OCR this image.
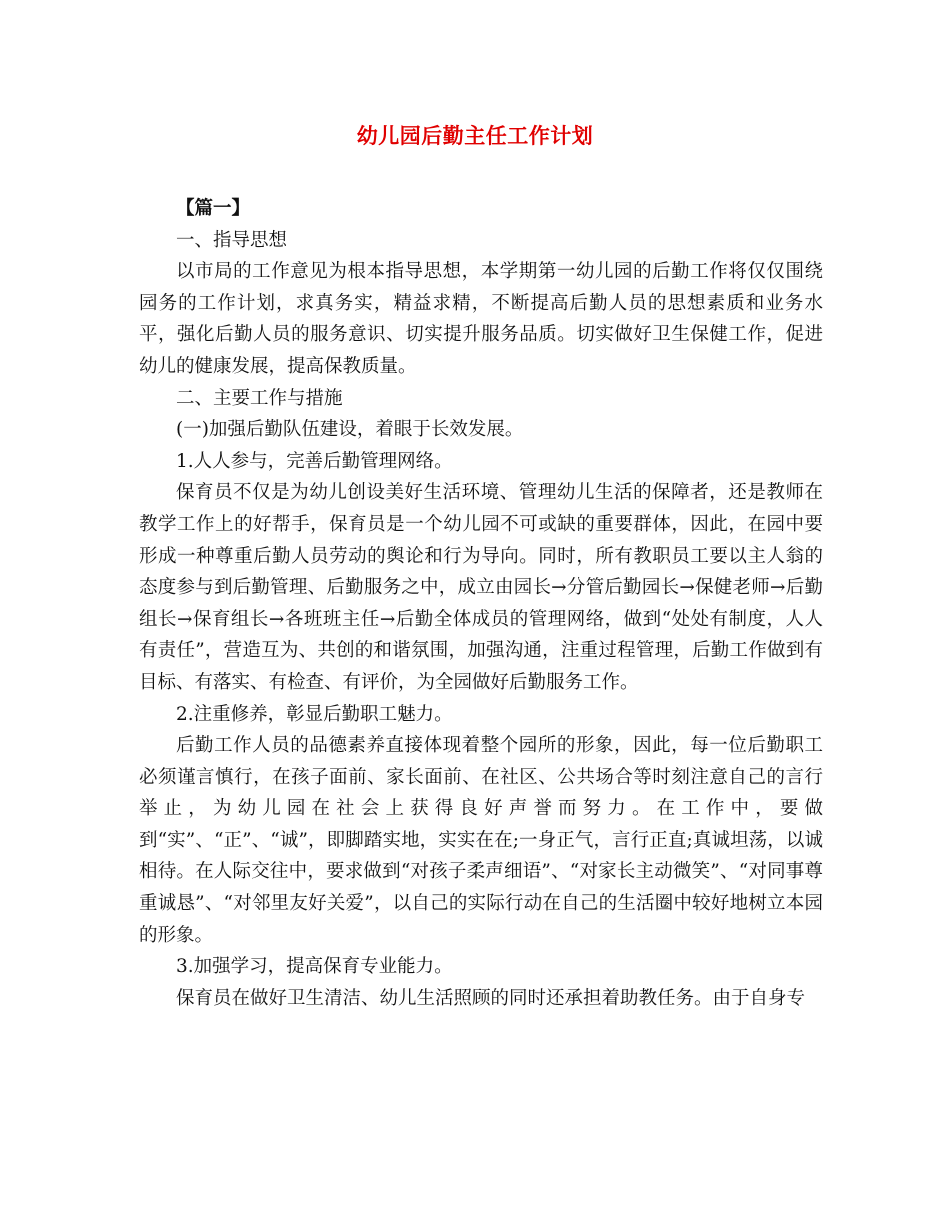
幼儿园后勤主任工作计划

【篇一】

一、指导思想

以市局的工作意见为根本指导思想，本学期第一幼儿园的后勤工作将仅仅围绕园务的工作计划，求真务实，精益求精，不断提高后勤人员的思想素质和业务水平，强化后勤人员的服务意识、切实提升服务品质。切实做好卫生保健工作，促进幼儿的健康发展，提高保教质量。

二、主要工作与措施

(一)加强后勤队伍建设，着眼于长效发展。

1.人人参与，完善后勤管理网络。

保育员不仅是为幼儿创设美好生活环境、管理幼儿生活的保障者，还是教师在教学工作上的好帮手，保育员是一个幼儿园不可或缺的重要群体，因此，在园中要形成一种尊重后勤人员劳动的舆论和行为导向。同时，所有教职员工要以主人翁的态度参与到后勤管理、后勤服务之中，成立由园长→分管后勤园长→保健老师→后勤组长→保育组长→各班班主任→后勤全体成员的管理网络，做到“处处有制度，人人有责任”，营造互为、共创的和谐氛围，加强沟通，注重过程管理，后勤工作做到有目标、有落实、有检查、有评价，为全园做好后勤服务工作。

2.注重修养，彰显后勤职工魅力。

后勤工作人员的品德素养直接体现着整个园所的形象，因此，每一位后勤职工必须谨言慎行，在孩子面前、家长面前、在社区、公共场合等时刻注意自己的言行举止，为幼儿园在社会上获得良好声誉而努力。在工作中，要做到“实”、“正”、“诚”，即脚踏实地，实实在在;一身正气，言行正直;真诚坦荡，以诚相待。在人际交往中，要求做到“对孩子柔声细语”、“对家长主动微笑”、“对同事尊重诚恳”、“对邻里友好关爱”，以自己的实际行动在自己的生活圈中较好地树立本园的形象。

3.加强学习，提高保育专业能力。

保育员在做好卫生清洁、幼儿生活照顾的同时还承担着助教任务。由于自身专
